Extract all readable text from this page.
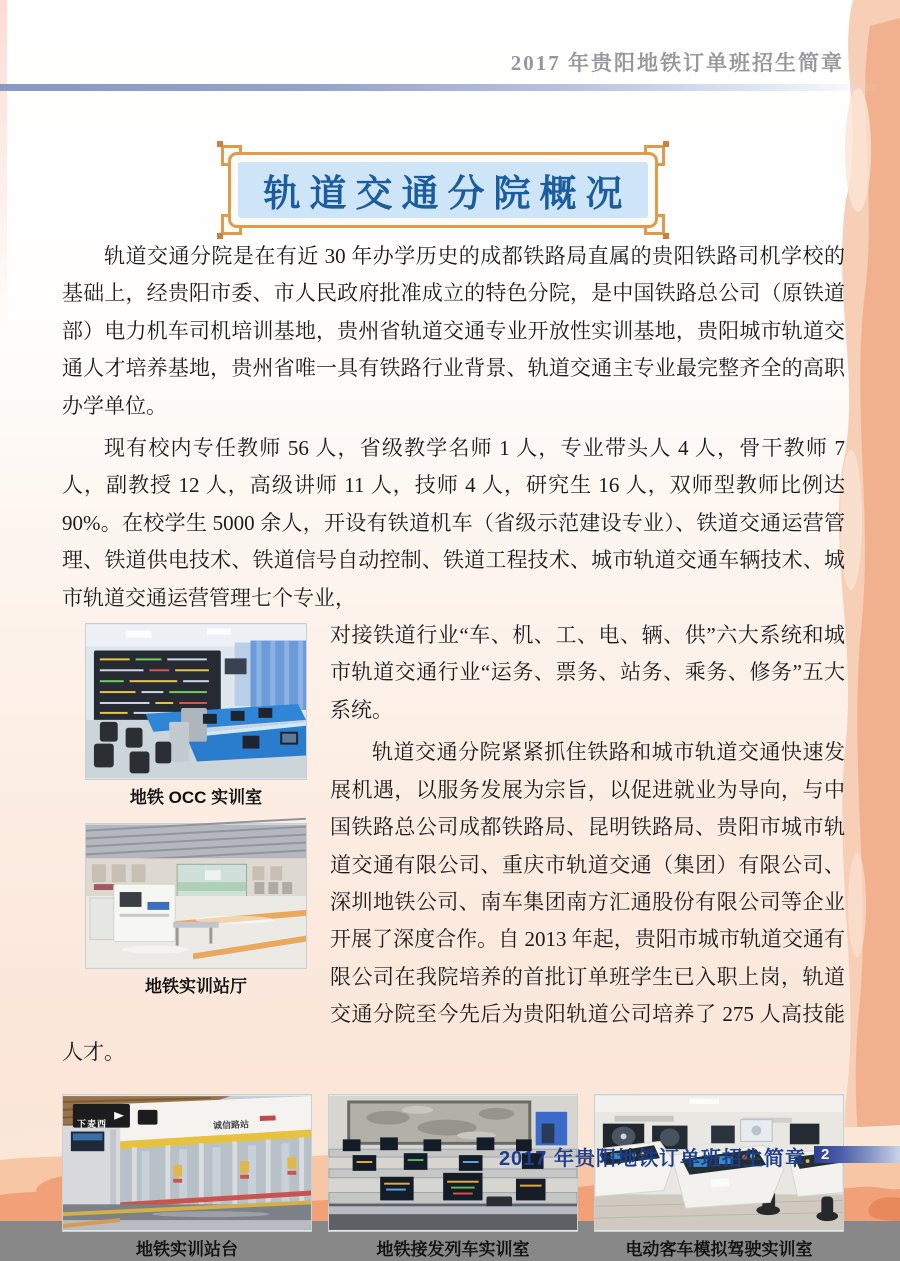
2017 年贵阳地铁订单班招生简章
轨道交通分院概况

轨道交通分院是在有近 30 年办学历史的成都铁路局直属的贵阳铁路司机学校的基础上，经贵阳市委、市人民政府批准成立的特色分院，是中国铁路总公司（原铁道部）电力机车司机培训基地，贵州省轨道交通专业开放性实训基地，贵阳城市轨道交通人才培养基地，贵州省唯一具有铁路行业背景、轨道交通主专业最完整齐全的高职办学单位。

现有校内专任教师 56 人，省级教学名师 1 人，专业带头人 4 人，骨干教师 7 人，副教授 12 人，高级讲师 11 人，技师 4 人，研究生 16 人，双师型教师比例达 90%。在校学生 5000 余人，开设有铁道机车（省级示范建设专业）、铁道交通运营管理、铁道供电技术、铁道信号自动控制、铁道工程技术、城市轨道交通车辆技术、城市轨道交通运营管理七个专业，

地铁 OCC 实训室
地铁实训站厅

对接铁道行业“车、机、工、电、辆、供”六大系统和城市轨道交通行业“运务、票务、站务、乘务、修务”五大系统。

轨道交通分院紧紧抓住铁路和城市轨道交通快速发展机遇，以服务发展为宗旨，以促进就业为导向，与中国铁路总公司成都铁路局、昆明铁路局、贵阳市城市轨道交通有限公司、重庆市轨道交通（集团）有限公司、深圳地铁公司、南车集团南方汇通股份有限公司等企业开展了深度合作。自 2013 年起，贵阳市城市轨道交通有限公司在我院培养的首批订单班学生已入职上岗，轨道交通分院至今先后为贵阳轨道公司培养了 275 人高技能人才。

下麦西	诚信路站
地铁实训站台	地铁接发列车实训室	电动客车模拟驾驶实训室
2017 年贵阳地铁订单班招生简章 2
